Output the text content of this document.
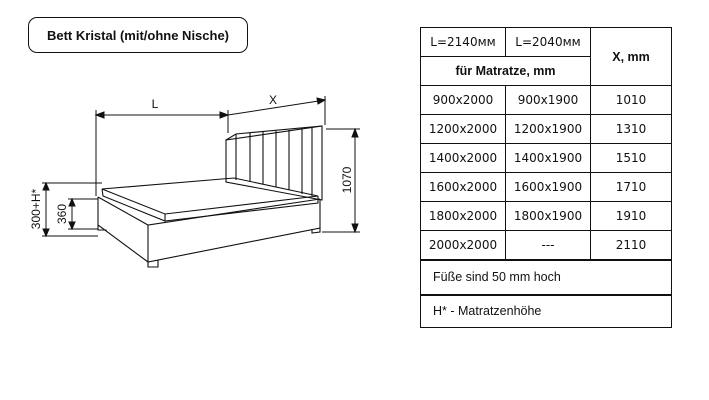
Bett Kristal (mit/ohne Nische)
L	X
1070
360
300+H*
L=2140мм	L=2040мм	X, mm
für Matratze, mm		
900x2000	900x1900	1010
1200x2000	1200x1900	1310
1400x2000	1400x1900	1510
1600x2000	1600x1900	1710
1800x2000	1800x1900	1910
2000x2000	---	2110
Füße sind 50 mm hoch		
H* - Matratzenhöhe		
